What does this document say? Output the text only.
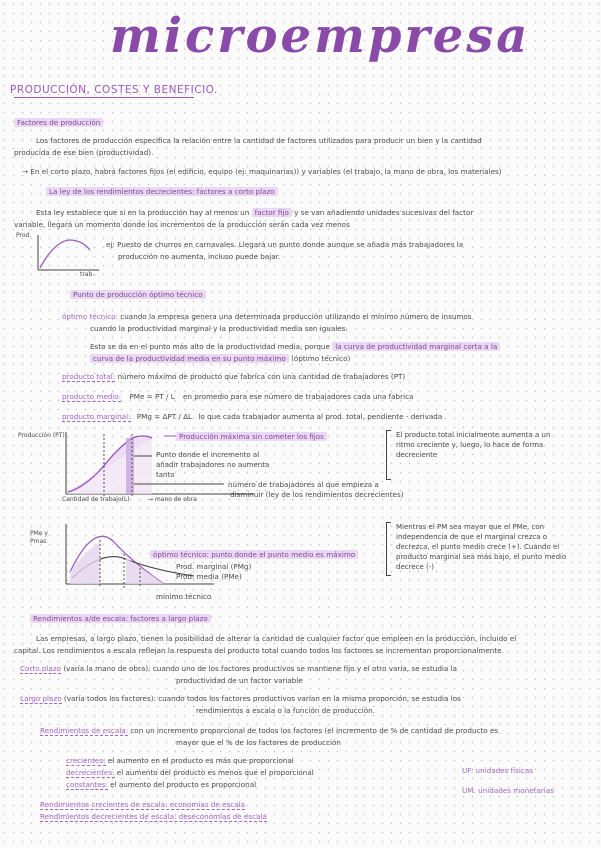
microempresa
PRODUCCIÓN, COSTES Y BENEFICIO.
Factores de producción
Los factores de producción especifica la relación entre la cantidad de factores utilizados para producir un bien y la cantidad
producida de ese bien (productividad).
→ En el corto plazo, habrá factores fijos (el edificio, equipo (ej: maquinarias)) y variables (el trabajo, la mano de obra, los materiales)
La ley de los rendimientos decrecientes: factores a corto plazo
Esta ley establece que si en la producción hay al menos un factor fijo y se van añadiendo unidades sucesivas del factor
variable, llegará un momento donde los incrementos de la producción serán cada vez menos
Prod.
trab.
ej: Puesto de churros en carnavales. Llegará un punto donde aunque se añada más trabajadores la
producción no aumenta, incluso puede bajar.
Punto de producción óptimo técnico
óptimo técnico: cuando la empresa genera una determinada producción utilizando el mínimo número de insumos
cuando la productividad marginal y la productividad media son iguales.
Esto se da en el punto más alto de la productividad media, porque la curva de productividad marginal corta a la
curva de la productividad media en su punto máximo (óptimo técnico)
producto total: número máximo de producto que fabrica con una cantidad de trabajadores (PT)
producto medio: PMe = PT / L en promedio para ese número de trabajadores cada una fabrica
producto marginal: PMg = ΔPT / ΔL lo que cada trabajador aumenta al prod. total, pendiente - derivada
Producción (PT)	Producción máxima sin cometer los fijos
Punto donde el incremento al añadir trabajadores no aumenta tanto
número de trabajadores al que empieza a
disminuir (ley de los rendimientos decrecientes)
Cantidad de trabajo(L)	→ mano de obra
El producto total inicialmente aumenta a un ritmo creciente y, luego, lo hace de forma decreciente
PMe y Pmas
óptimo técnico: punto donde el punto medio es máximo
Prod. marginal (PMg)
Prod. media (PMe)
mínimo técnico
Mientras el PM sea mayor que el PMe, con independencia de que el marginal crezca o decrezca, el punto medio crece (+). Cuando el producto marginal sea más bajo, el punto medio decrece (-)
Rendimientos a/de escala: factores a largo plazo
Las empresas, a largo plazo, tienen la posibilidad de alterar la cantidad de cualquier factor que empleen en la producción, incluido el
capital. Los rendimientos a escala reflejan la respuesta del producto total cuando todos los factores se incrementan proporcionalmente.
Corto plazo (varía la mano de obra): cuando uno de los factores productivos se mantiene fijo y el otro varía, se estudia la
productividad de un factor variable
Largo plazo (varía todos los factores): cuando todos los factores productivos varían en la misma proporción, se estudia los
rendimientos a escala o la función de producción.
Rendimientos de escala: con un incremento proporcional de todos los factores (el incremento de % de cantidad de producto es
mayor que el % de los factores de producción
crecientes: el aumento en el producto es más que proporcional
decrecientes: el aumento del producto es menos que el proporcional
constantes: el aumento del producto es proporcional
UF: unidades físicas
UM: unidades monetarias
Rendimientos crecientes de escala: economías de escala
Rendimientos decrecientes de escala: deseconomías de escala
